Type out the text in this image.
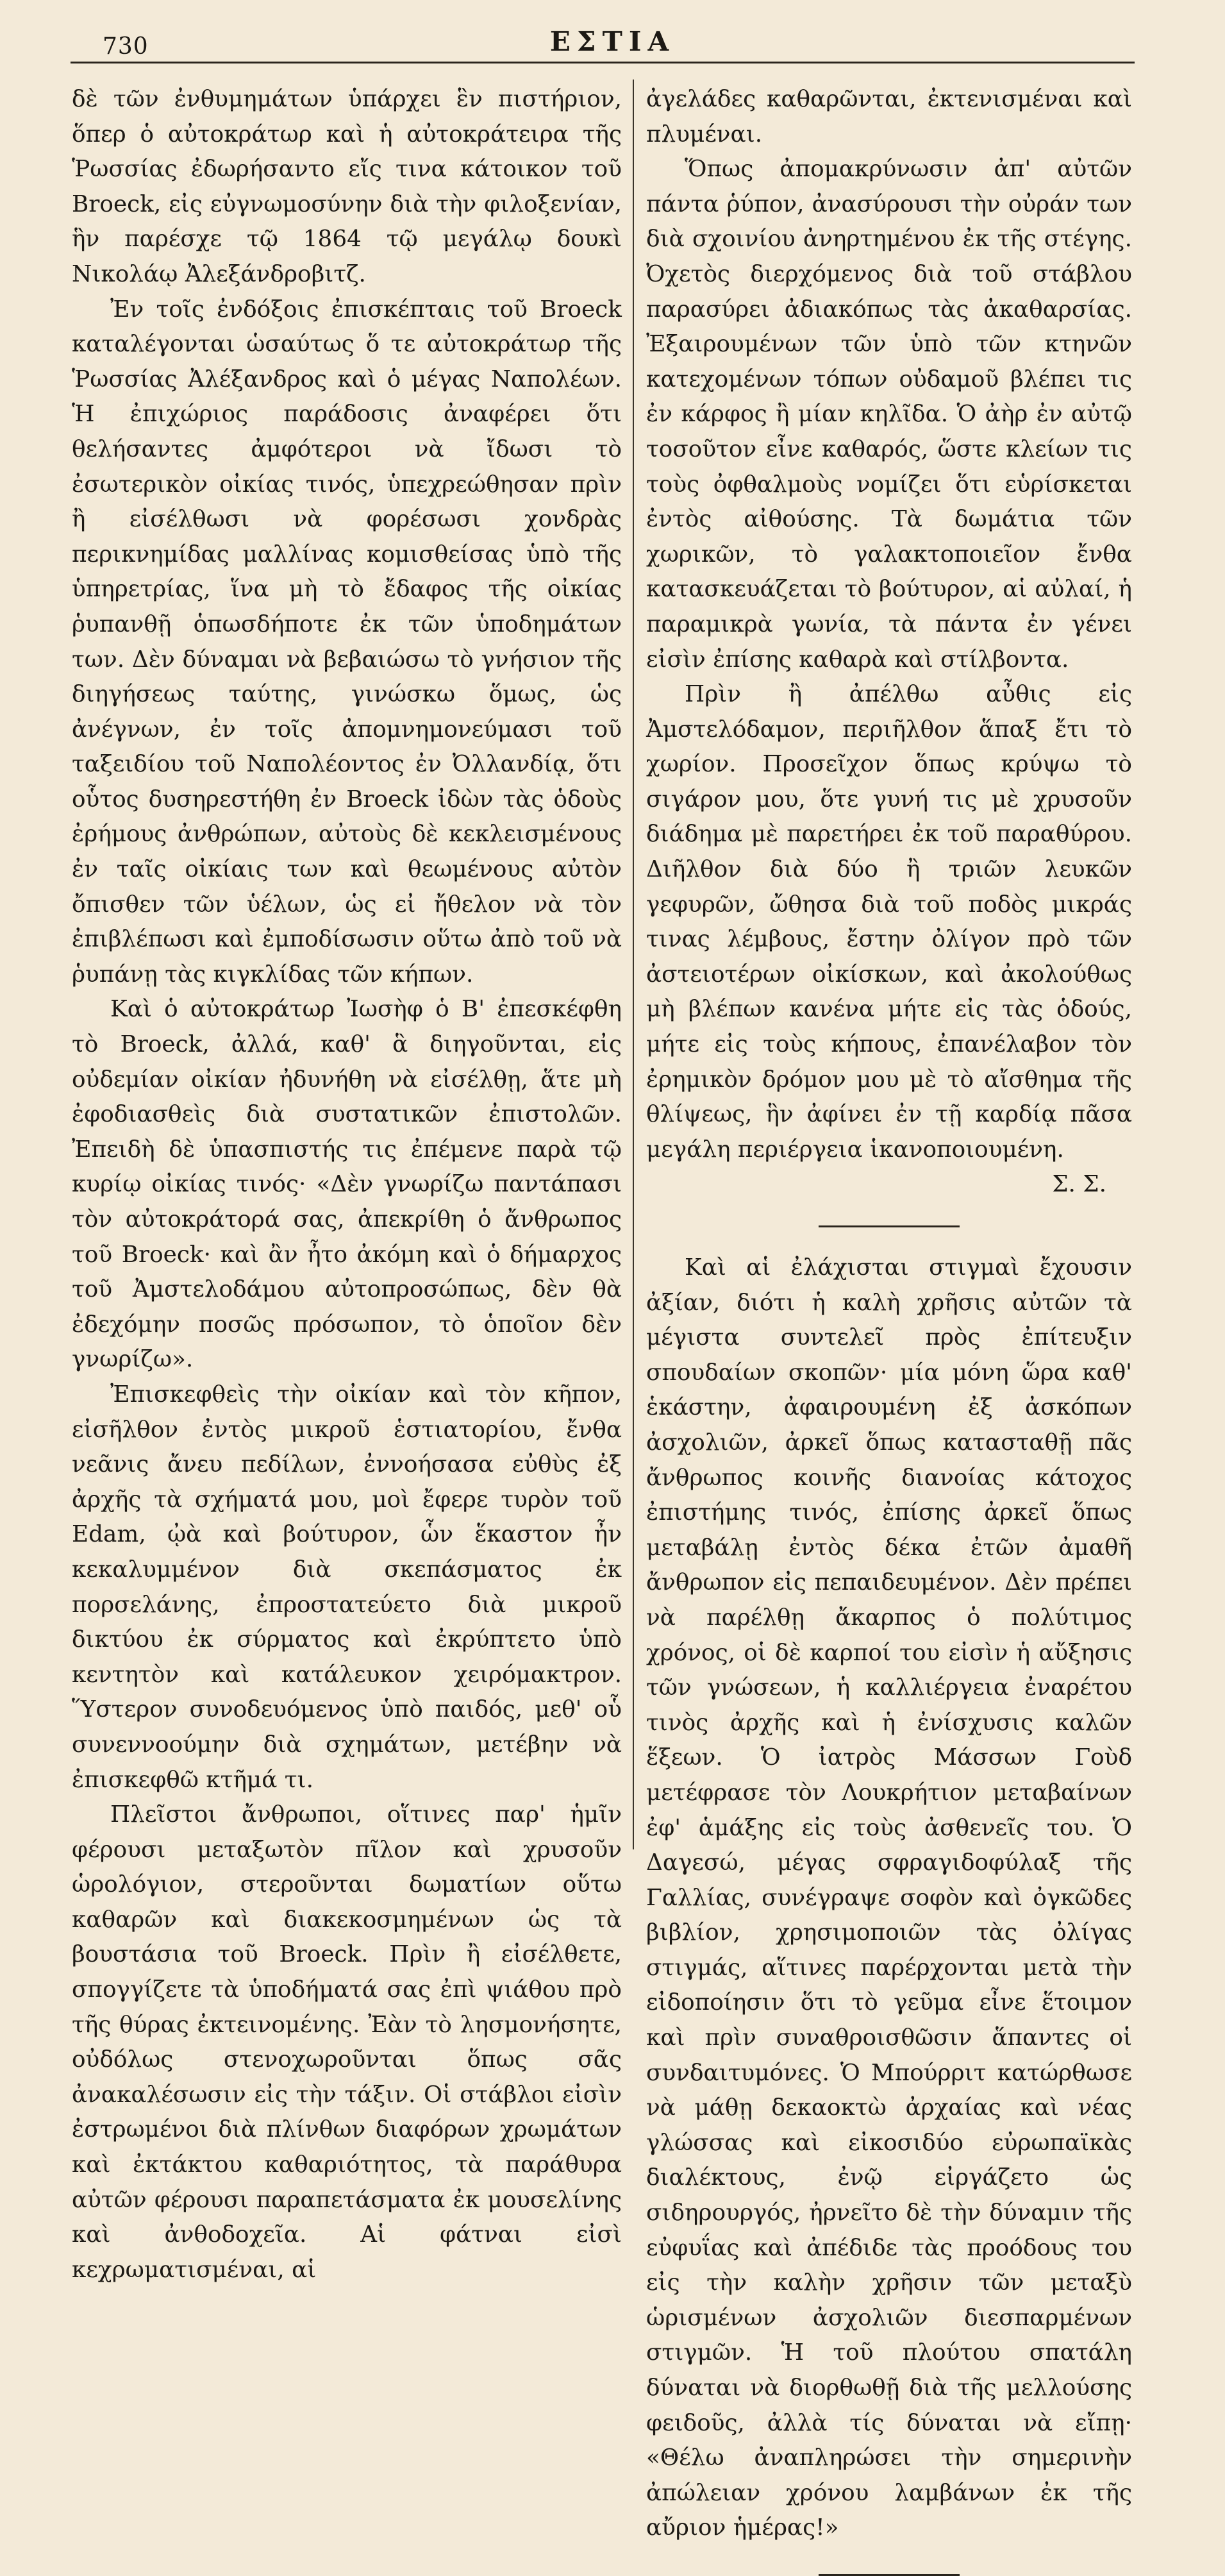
730	ΕΣΤΙΑ

δὲ τῶν ἐνθυμημάτων ὑπάρχει ἓν πιστήριον, ὅπερ ὁ αὐτοκράτωρ καὶ ἡ αὐτοκράτειρα τῆς Ῥωσσίας ἐδωρήσαντο εἴς τινα κάτοικον τοῦ Broeck, εἰς εὐγνωμοσύνην διὰ τὴν φιλοξενίαν, ἣν παρέσχε τῷ 1864 τῷ μεγάλῳ δουκὶ Νικολάῳ Ἀλεξάνδροβιτζ.

Ἐν τοῖς ἐνδόξοις ἐπισκέπταις τοῦ Broeck καταλέγονται ὡσαύτως ὅ τε αὐτοκράτωρ τῆς Ῥωσσίας Ἀλέξανδρος καὶ ὁ μέγας Ναπολέων. Ἡ ἐπιχώριος παράδοσις ἀναφέρει ὅτι θελήσαντες ἀμφότεροι νὰ ἴδωσι τὸ ἐσωτερικὸν οἰκίας τινός, ὑπεχρεώθησαν πρὶν ἢ εἰσέλθωσι νὰ φορέσωσι χονδρὰς περικνημίδας μαλλίνας κομισθείσας ὑπὸ τῆς ὑπηρετρίας, ἵνα μὴ τὸ ἔδαφος τῆς οἰκίας ῥυπανθῇ ὁπωσδήποτε ἐκ τῶν ὑποδημάτων των. Δὲν δύναμαι νὰ βεβαιώσω τὸ γνήσιον τῆς διηγήσεως ταύτης, γινώσκω ὅμως, ὡς ἀνέγνων, ἐν τοῖς ἀπομνημονεύμασι τοῦ ταξειδίου τοῦ Ναπολέοντος ἐν Ὀλλανδίᾳ, ὅτι οὗτος δυσηρεστήθη ἐν Broeck ἰδὼν τὰς ὁδοὺς ἐρήμους ἀνθρώπων, αὐτοὺς δὲ κεκλεισμένους ἐν ταῖς οἰκίαις των καὶ θεωμένους αὐτὸν ὄπισθεν τῶν ὑέλων, ὡς εἰ ἤθελον νὰ τὸν ἐπιβλέπωσι καὶ ἐμποδίσωσιν οὕτω ἀπὸ τοῦ νὰ ῥυπάνῃ τὰς κιγκλίδας τῶν κήπων.

Καὶ ὁ αὐτοκράτωρ Ἰωσὴφ ὁ Β' ἐπεσκέφθη τὸ Broeck, ἀλλά, καθ' ἃ διηγοῦνται, εἰς οὐδεμίαν οἰκίαν ἠδυνήθη νὰ εἰσέλθῃ, ἅτε μὴ ἐφοδιασθεὶς διὰ συστατικῶν ἐπιστολῶν. Ἐπειδὴ δὲ ὑπασπιστής τις ἐπέμενε παρὰ τῷ κυρίῳ οἰκίας τινός· «Δὲν γνωρίζω παντάπασι τὸν αὐτοκράτορά σας, ἀπεκρίθη ὁ ἄνθρωπος τοῦ Broeck· καὶ ἂν ἦτο ἀκόμη καὶ ὁ δήμαρχος τοῦ Ἀμστελοδάμου αὐτοπροσώπως, δὲν θὰ ἐδεχόμην ποσῶς πρόσωπον, τὸ ὁποῖον δὲν γνωρίζω».

Ἐπισκεφθεὶς τὴν οἰκίαν καὶ τὸν κῆπον, εἰσῆλθον ἐντὸς μικροῦ ἑστιατορίου, ἔνθα νεᾶνις ἄνευ πεδίλων, ἐννοήσασα εὐθὺς ἐξ ἀρχῆς τὰ σχήματά μου, μοὶ ἔφερε τυρὸν τοῦ Edam, ᾠὰ καὶ βούτυρον, ὧν ἕκαστον ἦν κεκαλυμμένον διὰ σκεπάσματος ἐκ πορσελάνης, ἐπροστατεύετο διὰ μικροῦ δικτύου ἐκ σύρματος καὶ ἐκρύπτετο ὑπὸ κεντητὸν καὶ κατάλευκον χειρόμακτρον. Ὕστερον συνοδευόμενος ὑπὸ παιδός, μεθ' οὗ συνεννοούμην διὰ σχημάτων, μετέβην νὰ ἐπισκεφθῶ κτῆμά τι.

Πλεῖστοι ἄνθρωποι, οἵτινες παρ' ἡμῖν φέρουσι μεταξωτὸν πῖλον καὶ χρυσοῦν ὡρολόγιον, στεροῦνται δωματίων οὕτω καθαρῶν καὶ διακεκοσμημένων ὡς τὰ βουστάσια τοῦ Broeck. Πρὶν ἢ εἰσέλθετε, σπογγίζετε τὰ ὑποδήματά σας ἐπὶ ψιάθου πρὸ τῆς θύρας ἐκτεινομένης. Ἐὰν τὸ λησμονήσητε, οὐδόλως στενοχωροῦνται ὅπως σᾶς ἀνακαλέσωσιν εἰς τὴν τάξιν. Οἱ στάβλοι εἰσὶν ἐστρωμένοι διὰ πλίνθων διαφόρων χρωμάτων καὶ ἐκτάκτου καθαριότητος, τὰ παράθυρα αὐτῶν φέρουσι παραπετάσματα ἐκ μουσελίνης καὶ ἀνθοδοχεῖα. Αἱ φάτναι εἰσὶ κεχρωματισμέναι, αἱ

ἀγελάδες καθαρῶνται, ἐκτενισμέναι καὶ πλυμέναι.

Ὅπως ἀπομακρύνωσιν ἀπ' αὐτῶν πάντα ῥύπον, ἀνασύρουσι τὴν οὐράν των διὰ σχοινίου ἀνηρτημένου ἐκ τῆς στέγης. Ὀχετὸς διερχόμενος διὰ τοῦ στάβλου παρασύρει ἀδιακόπως τὰς ἀκαθαρσίας. Ἐξαιρουμένων τῶν ὑπὸ τῶν κτηνῶν κατεχομένων τόπων οὐδαμοῦ βλέπει τις ἐν κάρφος ἢ μίαν κηλῖδα. Ὁ ἀὴρ ἐν αὐτῷ τοσοῦτον εἶνε καθαρός, ὥστε κλείων τις τοὺς ὀφθαλμοὺς νομίζει ὅτι εὑρίσκεται ἐντὸς αἰθούσης. Τὰ δωμάτια τῶν χωρικῶν, τὸ γαλακτοποιεῖον ἔνθα κατασκευάζεται τὸ βούτυρον, αἱ αὐλαί, ἡ παραμικρὰ γωνία, τὰ πάντα ἐν γένει εἰσὶν ἐπίσης καθαρὰ καὶ στίλβοντα.

Πρὶν ἢ ἀπέλθω αὖθις εἰς Ἀμστελόδαμον, περιῆλθον ἅπαξ ἔτι τὸ χωρίον. Προσεῖχον ὅπως κρύψω τὸ σιγάρον μου, ὅτε γυνή τις μὲ χρυσοῦν διάδημα μὲ παρετήρει ἐκ τοῦ παραθύρου. Διῆλθον διὰ δύο ἢ τριῶν λευκῶν γεφυρῶν, ὤθησα διὰ τοῦ ποδὸς μικράς τινας λέμβους, ἔστην ὀλίγον πρὸ τῶν ἀστειοτέρων οἰκίσκων, καὶ ἀκολούθως μὴ βλέπων κανένα μήτε εἰς τὰς ὁδούς, μήτε εἰς τοὺς κήπους, ἐπανέλαβον τὸν ἐρημικὸν δρόμον μου μὲ τὸ αἴσθημα τῆς θλίψεως, ἣν ἀφίνει ἐν τῇ καρδίᾳ πᾶσα μεγάλη περιέργεια ἱκανοποιουμένη.

Σ. Σ.

Καὶ αἱ ἐλάχισται στιγμαὶ ἔχουσιν ἀξίαν, διότι ἡ καλὴ χρῆσις αὐτῶν τὰ μέγιστα συντελεῖ πρὸς ἐπίτευξιν σπουδαίων σκοπῶν· μία μόνη ὥρα καθ' ἑκάστην, ἀφαιρουμένη ἐξ ἀσκόπων ἀσχολιῶν, ἀρκεῖ ὅπως κατασταθῇ πᾶς ἄνθρωπος κοινῆς διανοίας κάτοχος ἐπιστήμης τινός, ἐπίσης ἀρκεῖ ὅπως μεταβάλῃ ἐντὸς δέκα ἐτῶν ἀμαθῆ ἄνθρωπον εἰς πεπαιδευμένον. Δὲν πρέπει νὰ παρέλθῃ ἄκαρπος ὁ πολύτιμος χρόνος, οἱ δὲ καρποί του εἰσὶν ἡ αὔξησις τῶν γνώσεων, ἡ καλλιέργεια ἐναρέτου τινὸς ἀρχῆς καὶ ἡ ἐνίσχυσις καλῶν ἕξεων. Ὁ ἰατρὸς Μάσσων Γοὺδ μετέφρασε τὸν Λουκρήτιον μεταβαίνων ἐφ' ἁμάξης εἰς τοὺς ἀσθενεῖς του. Ὁ Δαγεσώ, μέγας σφραγιδοφύλαξ τῆς Γαλλίας, συνέγραψε σοφὸν καὶ ὀγκῶδες βιβλίον, χρησιμοποιῶν τὰς ὀλίγας στιγμάς, αἵτινες παρέρχονται μετὰ τὴν εἰδοποίησιν ὅτι τὸ γεῦμα εἶνε ἕτοιμον καὶ πρὶν συναθροισθῶσιν ἅπαντες οἱ συνδαιτυμόνες. Ὁ Μπούρριτ κατώρθωσε νὰ μάθῃ δεκαοκτὼ ἀρχαίας καὶ νέας γλώσσας καὶ εἰκοσιδύο εὐρωπαϊκὰς διαλέκτους, ἐνῷ εἰργάζετο ὡς σιδηρουργός, ἠρνεῖτο δὲ τὴν δύναμιν τῆς εὐφυΐας καὶ ἀπέδιδε τὰς προόδους του εἰς τὴν καλὴν χρῆσιν τῶν μεταξὺ ὡρισμένων ἀσχολιῶν διεσπαρμένων στιγμῶν. Ἡ τοῦ πλούτου σπατάλη δύναται νὰ διορθωθῇ διὰ τῆς μελλούσης φειδοῦς, ἀλλὰ τίς δύναται νὰ εἴπῃ· «Θέλω ἀναπληρώσει τὴν σημερινὴν ἀπώλειαν χρόνου λαμβάνων ἐκ τῆς αὔριον ἡμέρας!»
